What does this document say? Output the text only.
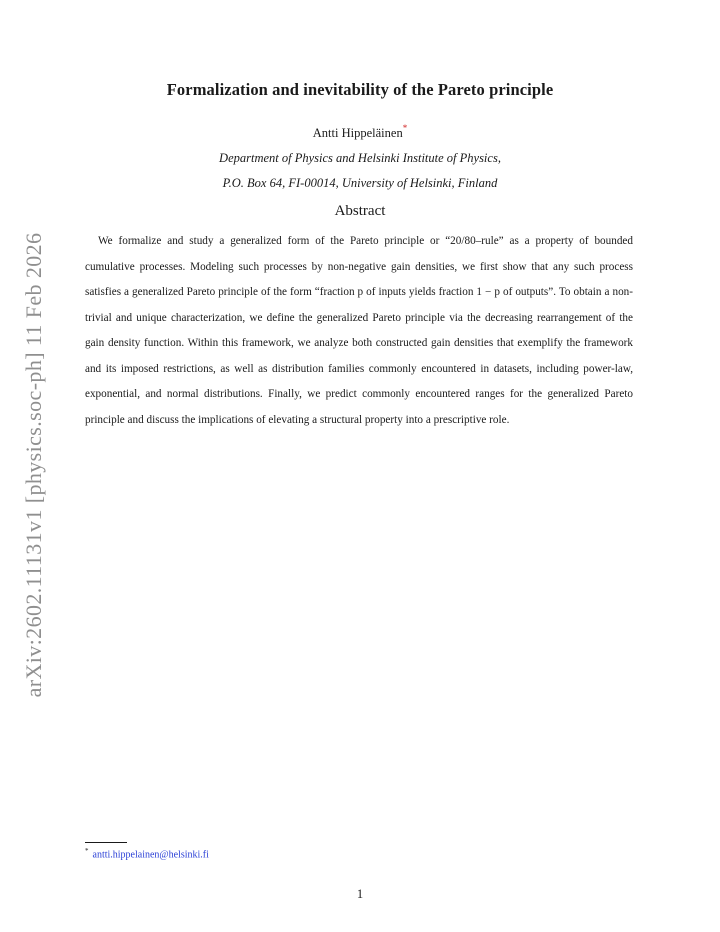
arXiv:2602.11131v1 [physics.soc-ph] 11 Feb 2026
Formalization and inevitability of the Pareto principle
Antti Hippeläinen*
Department of Physics and Helsinki Institute of Physics,
P.O. Box 64, FI-00014, University of Helsinki, Finland
Abstract
We formalize and study a generalized form of the Pareto principle or “20/80–rule” as a property of bounded cumulative processes. Modeling such processes by non-negative gain densities, we first show that any such process satisfies a generalized Pareto principle of the form “fraction p of inputs yields fraction 1 − p of outputs”. To obtain a non-trivial and unique characterization, we define the generalized Pareto principle via the decreasing rearrangement of the gain density function. Within this framework, we analyze both constructed gain densities that exemplify the framework and its imposed restrictions, as well as distribution families commonly encountered in datasets, including power-law, exponential, and normal distributions. Finally, we predict commonly encountered ranges for the generalized Pareto principle and discuss the implications of elevating a structural property into a prescriptive role.
* antti.hippelainen@helsinki.fi
1
